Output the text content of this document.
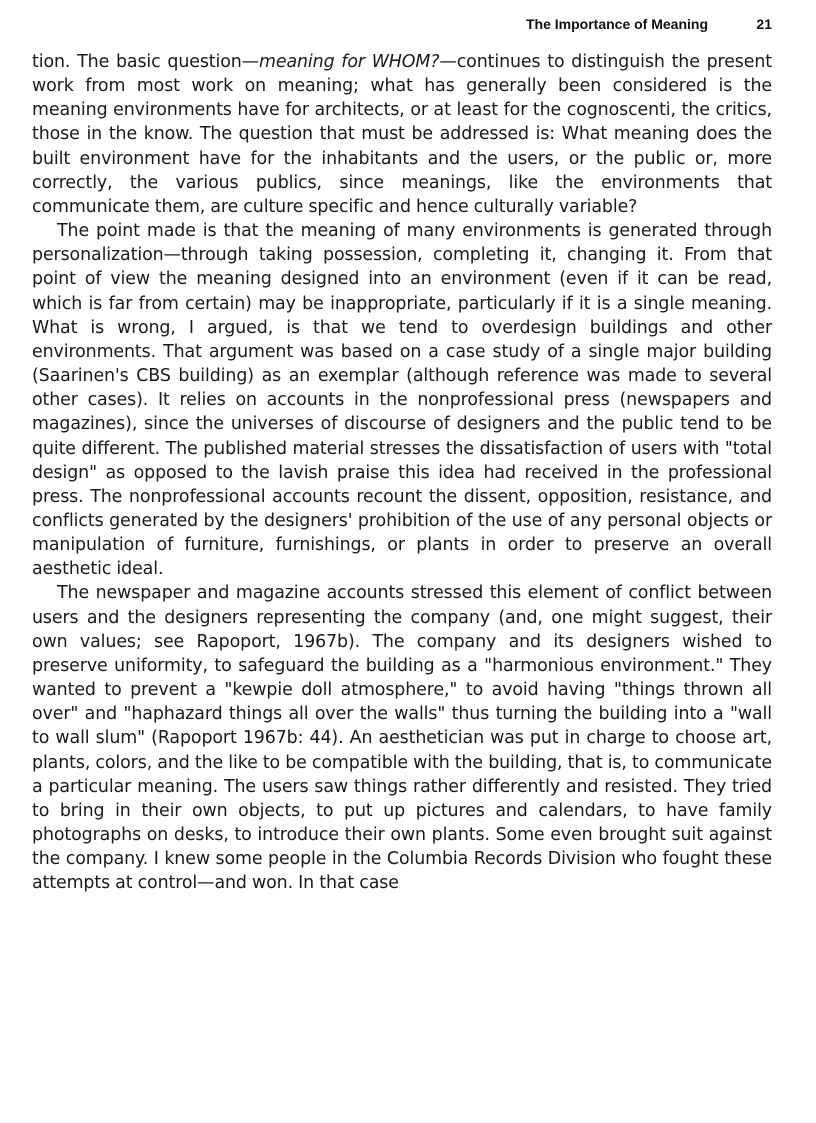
The Importance of Meaning	21

tion. The basic question—meaning for WHOM?—continues to distinguish the present work from most work on meaning; what has generally been considered is the meaning environments have for architects, or at least for the cognoscenti, the critics, those in the know. The question that must be addressed is: What meaning does the built environment have for the inhabitants and the users, or the public or, more correctly, the various publics, since meanings, like the environments that communicate them, are culture specific and hence culturally variable?

The point made is that the meaning of many environments is generated through personalization—through taking possession, completing it, changing it. From that point of view the meaning designed into an environment (even if it can be read, which is far from certain) may be inappropriate, particularly if it is a single meaning. What is wrong, I argued, is that we tend to overdesign buildings and other environments. That argument was based on a case study of a single major building (Saarinen's CBS building) as an exemplar (although reference was made to several other cases). It relies on accounts in the nonprofessional press (newspapers and magazines), since the universes of discourse of designers and the public tend to be quite different. The published material stresses the dissatisfaction of users with "total design" as opposed to the lavish praise this idea had received in the professional press. The nonprofessional accounts recount the dissent, opposition, resistance, and conflicts generated by the designers' prohibition of the use of any personal objects or manipulation of furniture, furnishings, or plants in order to preserve an overall aesthetic ideal.

The newspaper and magazine accounts stressed this element of conflict between users and the designers representing the company (and, one might suggest, their own values; see Rapoport, 1967b). The company and its designers wished to preserve uniformity, to safeguard the building as a "harmonious environment." They wanted to prevent a "kewpie doll atmosphere," to avoid having "things thrown all over" and "haphazard things all over the walls" thus turning the building into a "wall to wall slum" (Rapoport 1967b: 44). An aesthetician was put in charge to choose art, plants, colors, and the like to be compatible with the building, that is, to communicate a particular meaning. The users saw things rather differently and resisted. They tried to bring in their own objects, to put up pictures and calendars, to have family photographs on desks, to introduce their own plants. Some even brought suit against the company. I knew some people in the Columbia Records Division who fought these attempts at control—and won. In that case
